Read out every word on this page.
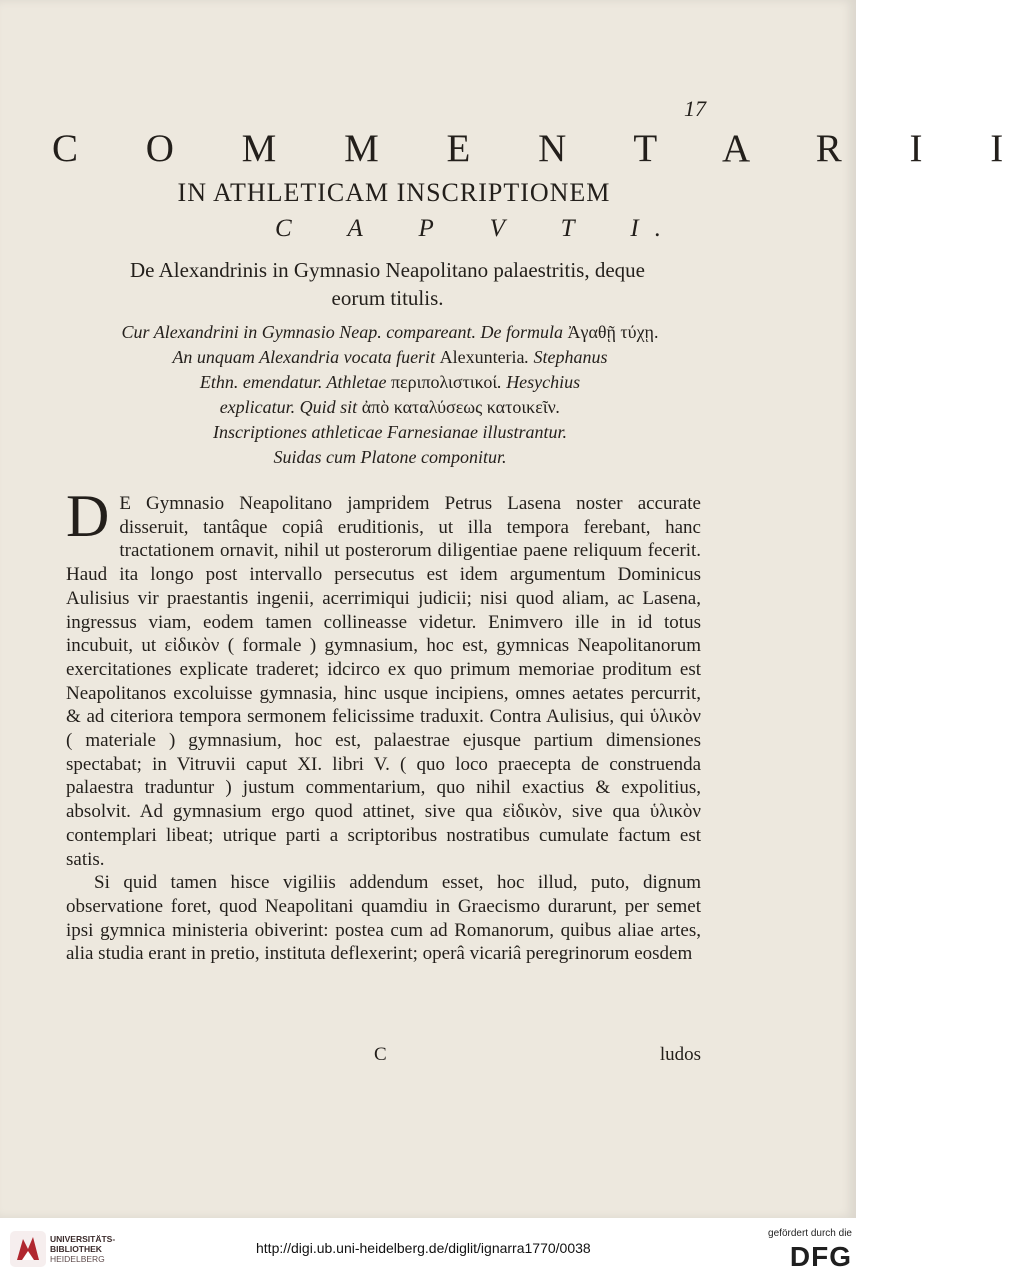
17
C O M M E N T A R I I
IN ATHLETICAM INSCRIPTIONEM
C A P V T I.
De Alexandrinis in Gymnasio Neapolitano palaestritis, deque
eorum titulis.
Cur Alexandrini in Gymnasio Neap. compareant. De formula Ἀγαθῇ τύχῃ.
An unquam Alexandria vocata fuerit Alexunteria. Stephanus
Ethn. emendatur. Athletae περιπολιστικοί. Hesychius
explicatur. Quid sit ἀπὸ καταλύσεως κατοικεῖν.
Inscriptiones athleticae Farnesianae illustrantur.
Suidas cum Platone componitur.

D E Gymnasio Neapolitano jampridem Petrus Lasena noster accurate disseruit, tantâque copiâ eruditionis, ut illa tempora ferebant, hanc tractationem ornavit, nihil ut posterorum diligentiae paene reliquum fecerit. Haud ita longo post intervallo persecutus est idem argumentum Dominicus Aulisius vir praestantis ingenii, acerrimiqui judicii; nisi quod aliam, ac Lasena, ingressus viam, eodem tamen collineasse videtur. Enimvero ille in id totus incubuit, ut εἰδικὸν ( formale ) gymnasium, hoc est, gymnicas Neapolitanorum exercitationes explicate traderet; idcirco ex quo primum memoriae proditum est Neapolitanos excoluisse gymnasia, hinc usque incipiens, omnes aetates percurrit, & ad citeriora tempora sermonem felicissime traduxit. Contra Aulisius, qui ὑλικὸν ( materiale ) gymnasium, hoc est, palaestrae ejusque partium dimensiones spectabat; in Vitruvii caput XI. libri V. ( quo loco praecepta de construenda palaestra traduntur ) justum commentarium, quo nihil exactius & expolitius, absolvit. Ad gymnasium ergo quod attinet, sive qua εἰδικὸν, sive qua ὑλικὸν contemplari libeat; utrique parti a scriptoribus nostratibus cumulate factum est satis.

Si quid tamen hisce vigiliis addendum esset, hoc illud, puto, dignum observatione foret, quod Neapolitani quamdiu in Graecismo durarunt, per semet ipsi gymnica ministeria obiverint: postea cum ad Romanorum, quibus aliae artes, alia studia erant in pretio, instituta deflexerint; operâ vicariâ peregrinorum eosdem

C	ludos
UNIVERSITÄTS-
BIBLIOTHEK
HEIDELBERG
http://digi.ub.uni-heidelberg.de/diglit/ignarra1770/0038
gefördert durch die
DFG
